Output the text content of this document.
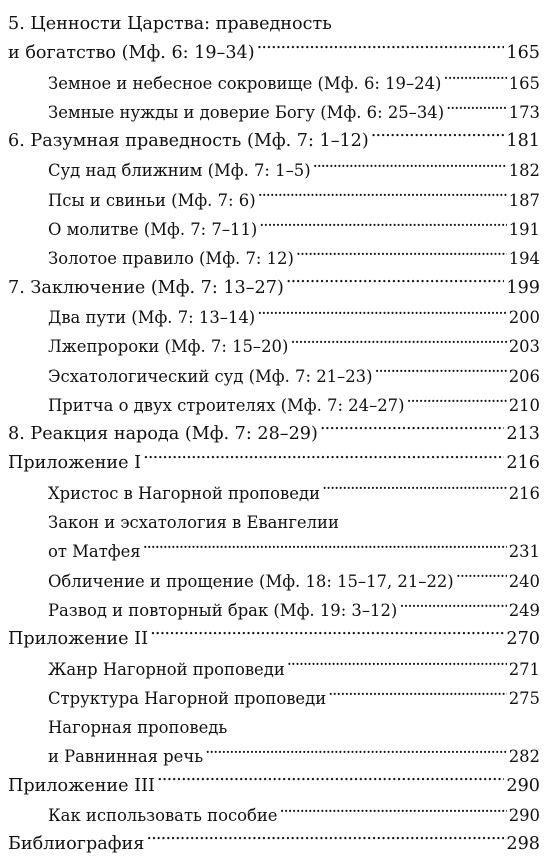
5. Ценности Царства: праведность
и богатство (Мф. 6: 19–34) . . .	165
Земное и небесное сокровище (Мф. 6: 19–24) . . .	165
Земные нужды и доверие Богу (Мф. 6: 25–34) . . .	173
6. Разумная праведность (Мф. 7: 1–12) . . .	181
Суд над ближним (Мф. 7: 1–5) . . .	182
Псы и свиньи (Мф. 7: 6) . . .	187
О молитве (Мф. 7: 7–11) . . .	191
Золотое правило (Мф. 7: 12) . . .	194
7. Заключение (Мф. 7: 13–27) . . .	199
Два пути (Мф. 7: 13–14) . . .	200
Лжепророки (Мф. 7: 15–20) . . .	203
Эсхатологический суд (Мф. 7: 21–23) . . .	206
Притча о двух строителях (Мф. 7: 24–27) . . .	210
8. Реакция народа (Мф. 7: 28–29) . . .	213
Приложение I . . .	216
Христос в Нагорной проповеди . . .	216
Закон и эсхатология в Евангелии
от Матфея . . .	231
Обличение и прощение (Мф. 18: 15–17, 21–22) . . .	240
Развод и повторный брак (Мф. 19: 3–12) . . .	249
Приложение II . . .	270
Жанр Нагорной проповеди . . .	271
Структура Нагорной проповеди . . .	275
Нагорная проповедь
и Равнинная речь . . .	282
Приложение III . . .	290
Как использовать пособие . . .	290
Библиография . . .	298
